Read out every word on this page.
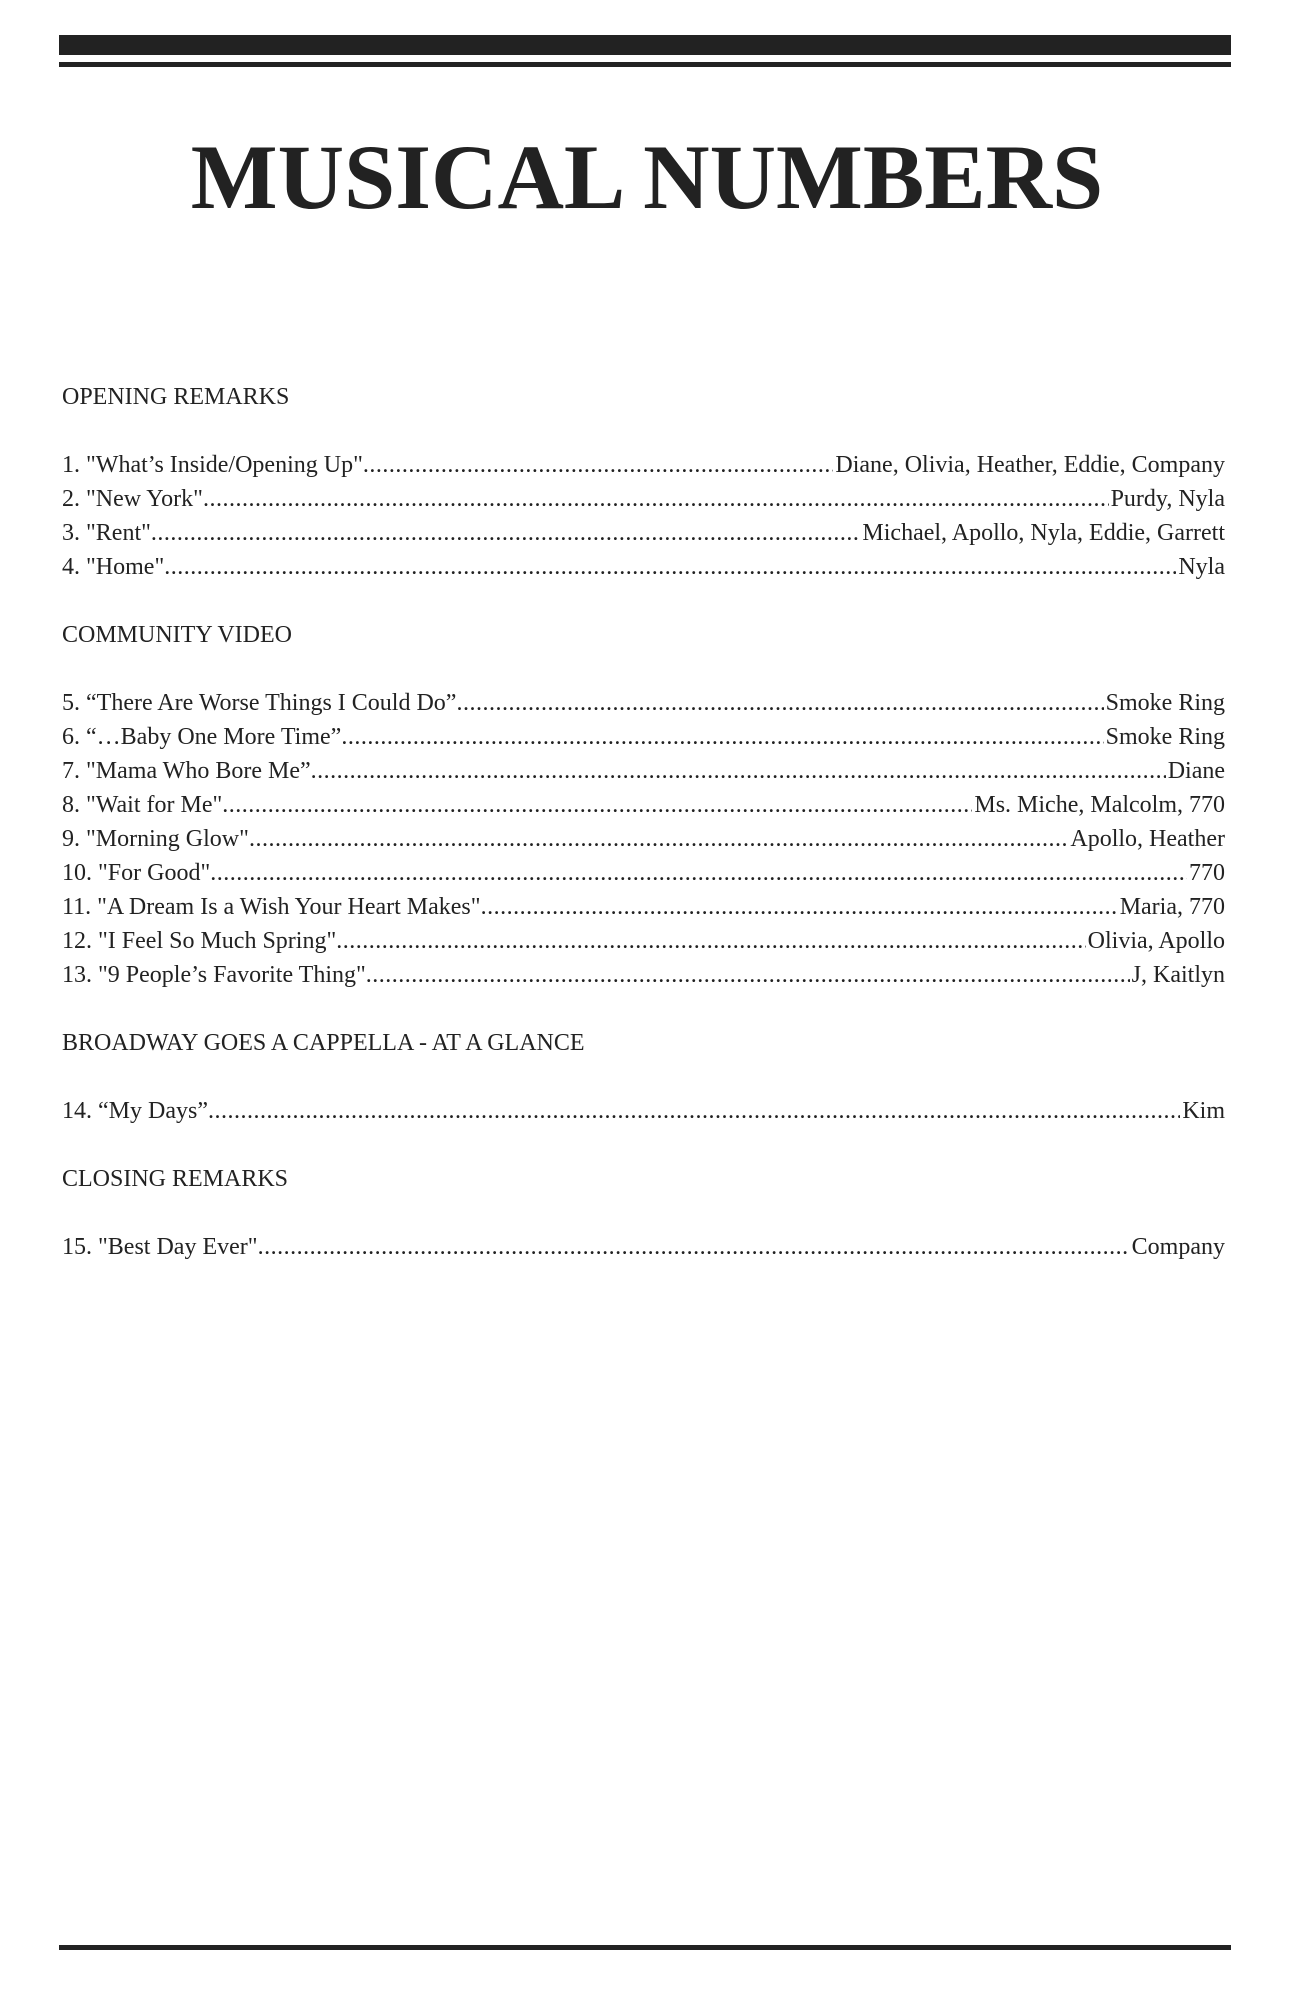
MUSICAL NUMBERS
OPENING REMARKS
1. "What’s Inside/Opening Up" .....	Diane, Olivia, Heather, Eddie, Company
2. "New York" .....	Purdy, Nyla
3. "Rent" .....	Michael, Apollo, Nyla, Eddie, Garrett
4. "Home" .....	Nyla
COMMUNITY VIDEO
5. “There Are Worse Things I Could Do” .....	Smoke Ring
6. “…Baby One More Time” .....	Smoke Ring
7. "Mama Who Bore Me” .....	Diane
8. "Wait for Me" .....	Ms. Miche, Malcolm, 770
9. "Morning Glow" .....	Apollo, Heather
10. "For Good" .....	770
11. "A Dream Is a Wish Your Heart Makes" .....	Maria, 770
12. "I Feel So Much Spring" .....	Olivia, Apollo
13. "9 People’s Favorite Thing" .....	J, Kaitlyn
BROADWAY GOES A CAPPELLA - AT A GLANCE
14. “My Days” .....	Kim
CLOSING REMARKS
15. "Best Day Ever" .....	Company
